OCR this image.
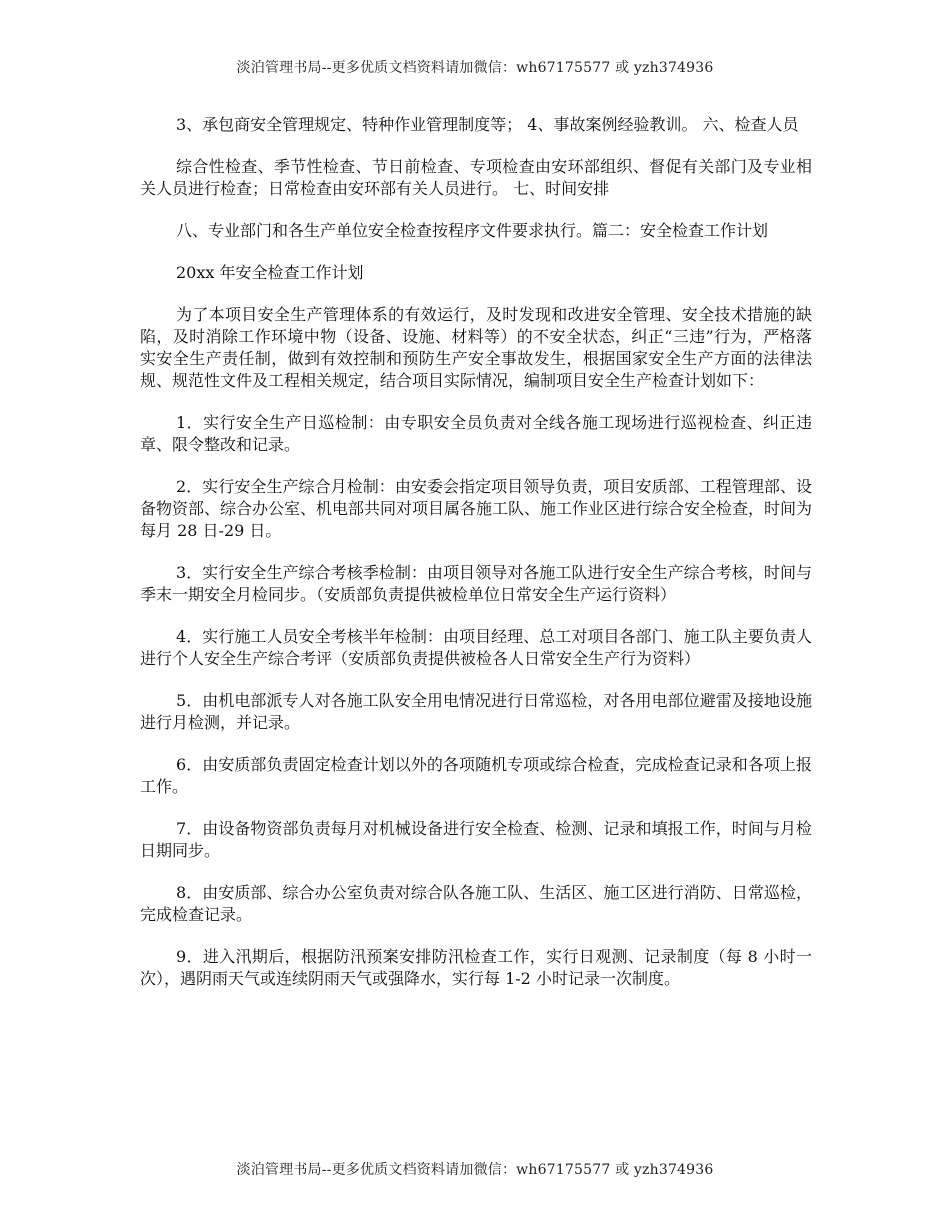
淡泊管理书局--更多优质文档资料请加微信：wh67175577 或 yzh374936

3、承包商安全管理规定、特种作业管理制度等； 4、事故案例经验教训。 六、检查人员

综合性检查、季节性检查、节日前检查、专项检查由安环部组织、督促有关部门及专业相关人员进行检查；日常检查由安环部有关人员进行。 七、时间安排

八、专业部门和各生产单位安全检查按程序文件要求执行。篇二：安全检查工作计划

20xx 年安全检查工作计划

为了本项目安全生产管理体系的有效运行，及时发现和改进安全管理、安全技术措施的缺陷，及时消除工作环境中物（设备、设施、材料等）的不安全状态，纠正“三违”行为，严格落实安全生产责任制，做到有效控制和预防生产安全事故发生，根据国家安全生产方面的法律法规、规范性文件及工程相关规定，结合项目实际情况，编制项目安全生产检查计划如下：

1．实行安全生产日巡检制：由专职安全员负责对全线各施工现场进行巡视检查、纠正违章、限令整改和记录。

2．实行安全生产综合月检制：由安委会指定项目领导负责，项目安质部、工程管理部、设备物资部、综合办公室、机电部共同对项目属各施工队、施工作业区进行综合安全检查，时间为每月 28 日-29 日。

3．实行安全生产综合考核季检制：由项目领导对各施工队进行安全生产综合考核，时间与季末一期安全月检同步。（安质部负责提供被检单位日常安全生产运行资料）

4．实行施工人员安全考核半年检制：由项目经理、总工对项目各部门、施工队主要负责人进行个人安全生产综合考评（安质部负责提供被检各人日常安全生产行为资料）

5．由机电部派专人对各施工队安全用电情况进行日常巡检，对各用电部位避雷及接地设施进行月检测，并记录。

6．由安质部负责固定检查计划以外的各项随机专项或综合检查，完成检查记录和各项上报工作。

7．由设备物资部负责每月对机械设备进行安全检查、检测、记录和填报工作，时间与月检日期同步。

8．由安质部、综合办公室负责对综合队各施工队、生活区、施工区进行消防、日常巡检，完成检查记录。

9．进入汛期后，根据防汛预案安排防汛检查工作，实行日观测、记录制度（每 8 小时一次），遇阴雨天气或连续阴雨天气或强降水，实行每 1-2 小时记录一次制度。

淡泊管理书局--更多优质文档资料请加微信：wh67175577 或 yzh374936
